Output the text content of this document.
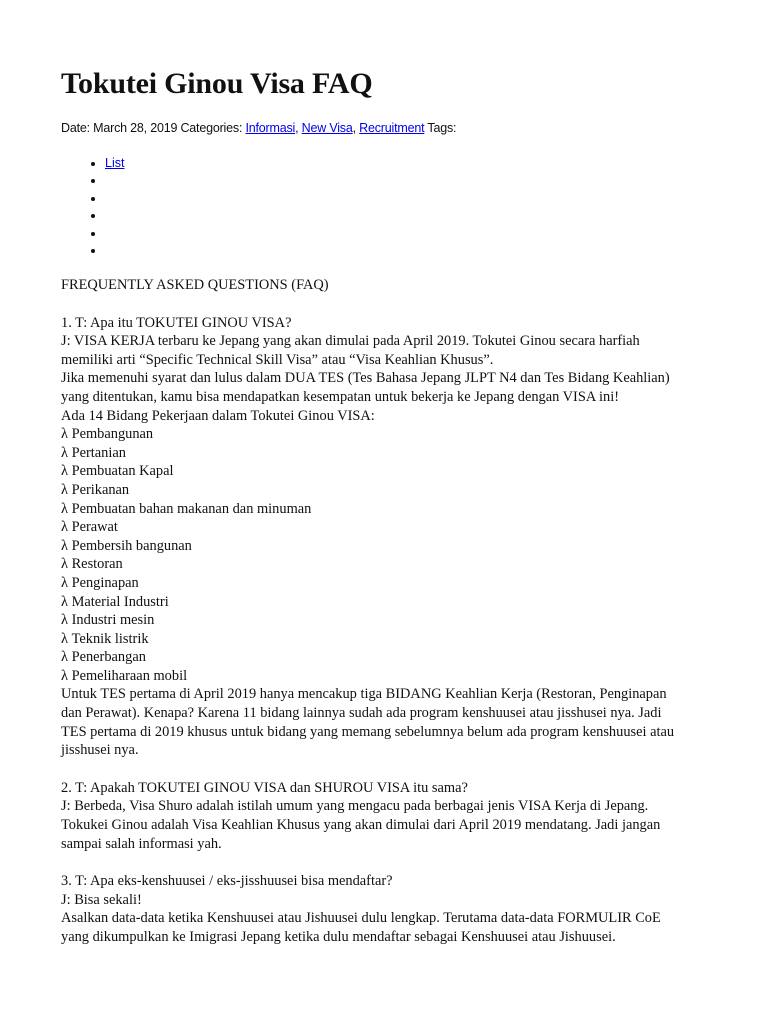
Tokutei Ginou Visa FAQ
Date: March 28, 2019 Categories: Informasi, New Visa, Recruitment Tags:
• List
•
•
•
•
•
FREQUENTLY ASKED QUESTIONS (FAQ)
1. T: Apa itu TOKUTEI GINOU VISA?
J: VISA KERJA terbaru ke Jepang yang akan dimulai pada April 2019. Tokutei Ginou secara harfiah
memiliki arti “Specific Technical Skill Visa” atau “Visa Keahlian Khusus”.
Jika memenuhi syarat dan lulus dalam DUA TES (Tes Bahasa Jepang JLPT N4 dan Tes Bidang Keahlian)
yang ditentukan, kamu bisa mendapatkan kesempatan untuk bekerja ke Jepang dengan VISA ini!
Ada 14 Bidang Pekerjaan dalam Tokutei Ginou VISA:
λ Pembangunan
λ Pertanian
λ Pembuatan Kapal
λ Perikanan
λ Pembuatan bahan makanan dan minuman
λ Perawat
λ Pembersih bangunan
λ Restoran
λ Penginapan
λ Material Industri
λ Industri mesin
λ Teknik listrik
λ Penerbangan
λ Pemeliharaan mobil
Untuk TES pertama di April 2019 hanya mencakup tiga BIDANG Keahlian Kerja (Restoran, Penginapan
dan Perawat). Kenapa? Karena 11 bidang lainnya sudah ada program kenshuusei atau jisshusei nya. Jadi
TES pertama di 2019 khusus untuk bidang yang memang sebelumnya belum ada program kenshuusei atau
jisshusei nya.
2. T: Apakah TOKUTEI GINOU VISA dan SHUROU VISA itu sama?
J: Berbeda, Visa Shuro adalah istilah umum yang mengacu pada berbagai jenis VISA Kerja di Jepang.
Tokukei Ginou adalah Visa Keahlian Khusus yang akan dimulai dari April 2019 mendatang. Jadi jangan
sampai salah informasi yah.
3. T: Apa eks-kenshuusei / eks-jisshuusei bisa mendaftar?
J: Bisa sekali!
Asalkan data-data ketika Kenshuusei atau Jishuusei dulu lengkap. Terutama data-data FORMULIR CoE
yang dikumpulkan ke Imigrasi Jepang ketika dulu mendaftar sebagai Kenshuusei atau Jishuusei.
